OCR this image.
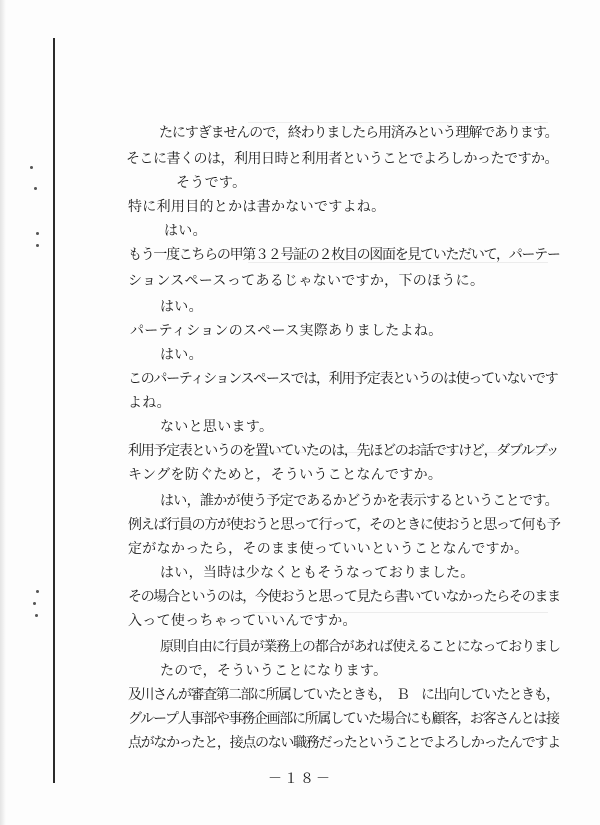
たにすぎませんので，終わりましたら用済みという理解であります。
そこに書くのは，利用日時と利用者ということでよろしかったですか。
そうです。
特に利用目的とかは書かないですよね。
はい。
もう一度こちらの甲第３２号証の２枚目の図面を見ていただいて，パーテー
ションスペースってあるじゃないですか，下のほうに。
はい。
パーティションのスペース実際ありましたよね。
はい。
このパーティションスペースでは，利用予定表というのは使っていないです
よね。
ないと思います。
利用予定表というのを置いていたのは，先ほどのお話ですけど，ダブルブッ
キングを防ぐためと，そういうことなんですか。
はい，誰かが使う予定であるかどうかを表示するということです。
例えば行員の方が使おうと思って行って，そのときに使おうと思って何も予
定がなかったら，そのまま使っていいということなんですか。
はい，当時は少なくともそうなっておりました。
その場合というのは，今使おうと思って見たら書いていなかったらそのまま
入って使っちゃっていいんですか。
原則自由に行員が業務上の都合があれば使えることになっておりまし
たので，そういうことになります。
及川さんが審査第二部に所属していたときも，　Ｂ　に出向していたときも，
グループ人事部や事務企画部に所属していた場合にも顧客，お客さんとは接
点がなかったと，接点のない職務だったということでよろしかったんですよ
－１８－
